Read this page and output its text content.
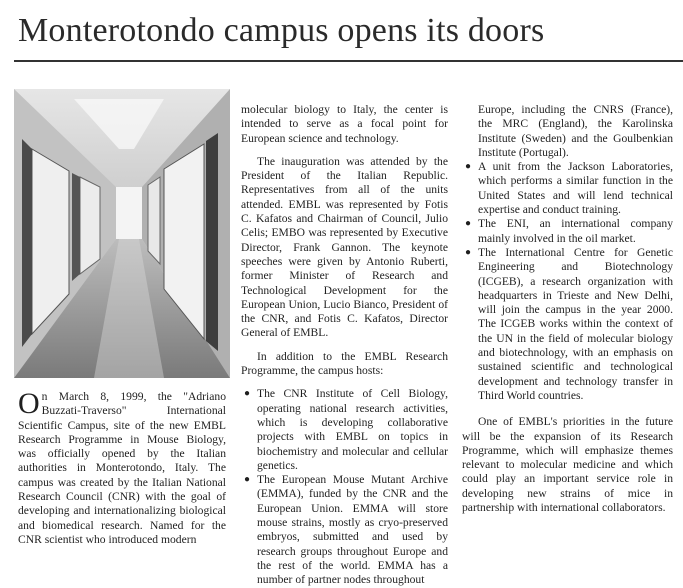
Monterotondo campus opens its doors

On March 8, 1999, the "Adriano Buzzati-Traverso" International Scientific Campus, site of the new EMBL Research Programme in Mouse Biology, was officially opened by the Italian authorities in Monterotondo, Italy. The campus was created by the Italian National Research Council (CNR) with the goal of developing and internationalizing biological and biomedical research. Named for the CNR scientist who introduced modern

molecular biology to Italy, the center is intended to serve as a focal point for European science and technology.

The inauguration was attended by the President of the Italian Republic. Representatives from all of the units attended. EMBL was represented by Fotis C. Kafatos and Chairman of Council, Julio Celis; EMBO was represented by Executive Director, Frank Gannon. The keynote speeches were given by Antonio Ruberti, former Minister of Research and Technological Development for the European Union, Lucio Bianco, President of the CNR, and Fotis C. Kafatos, Director General of EMBL.

In addition to the EMBL Research Programme, the campus hosts:

● The CNR Institute of Cell Biology, operating national research activities, which is developing collaborative projects with EMBL on topics in biochemistry and molecular and cellular genetics.
● The European Mouse Mutant Archive (EMMA), funded by the CNR and the European Union. EMMA will store mouse strains, mostly as cryo-preserved embryos, submitted and used by research groups throughout Europe and the rest of the world. EMMA has a number of partner nodes throughout
Europe, including the CNRS (France), the MRC (England), the Karolinska Institute (Sweden) and the Goulbenkian Institute (Portugal).
● A unit from the Jackson Laboratories, which performs a similar function in the United States and will lend technical expertise and conduct training.
● The ENI, an international company mainly involved in the oil market.
● The International Centre for Genetic Engineering and Biotechnology (ICGEB), a research organization with headquarters in Trieste and New Delhi, will join the campus in the year 2000. The ICGEB works within the context of the UN in the field of molecular biology and biotechnology, with an emphasis on sustained scientific and technological development and technology transfer in Third World countries.

One of EMBL's priorities in the future will be the expansion of its Research Programme, which will emphasize themes relevant to molecular medicine and which could play an important service role in developing new strains of mice in partnership with international collaborators.
